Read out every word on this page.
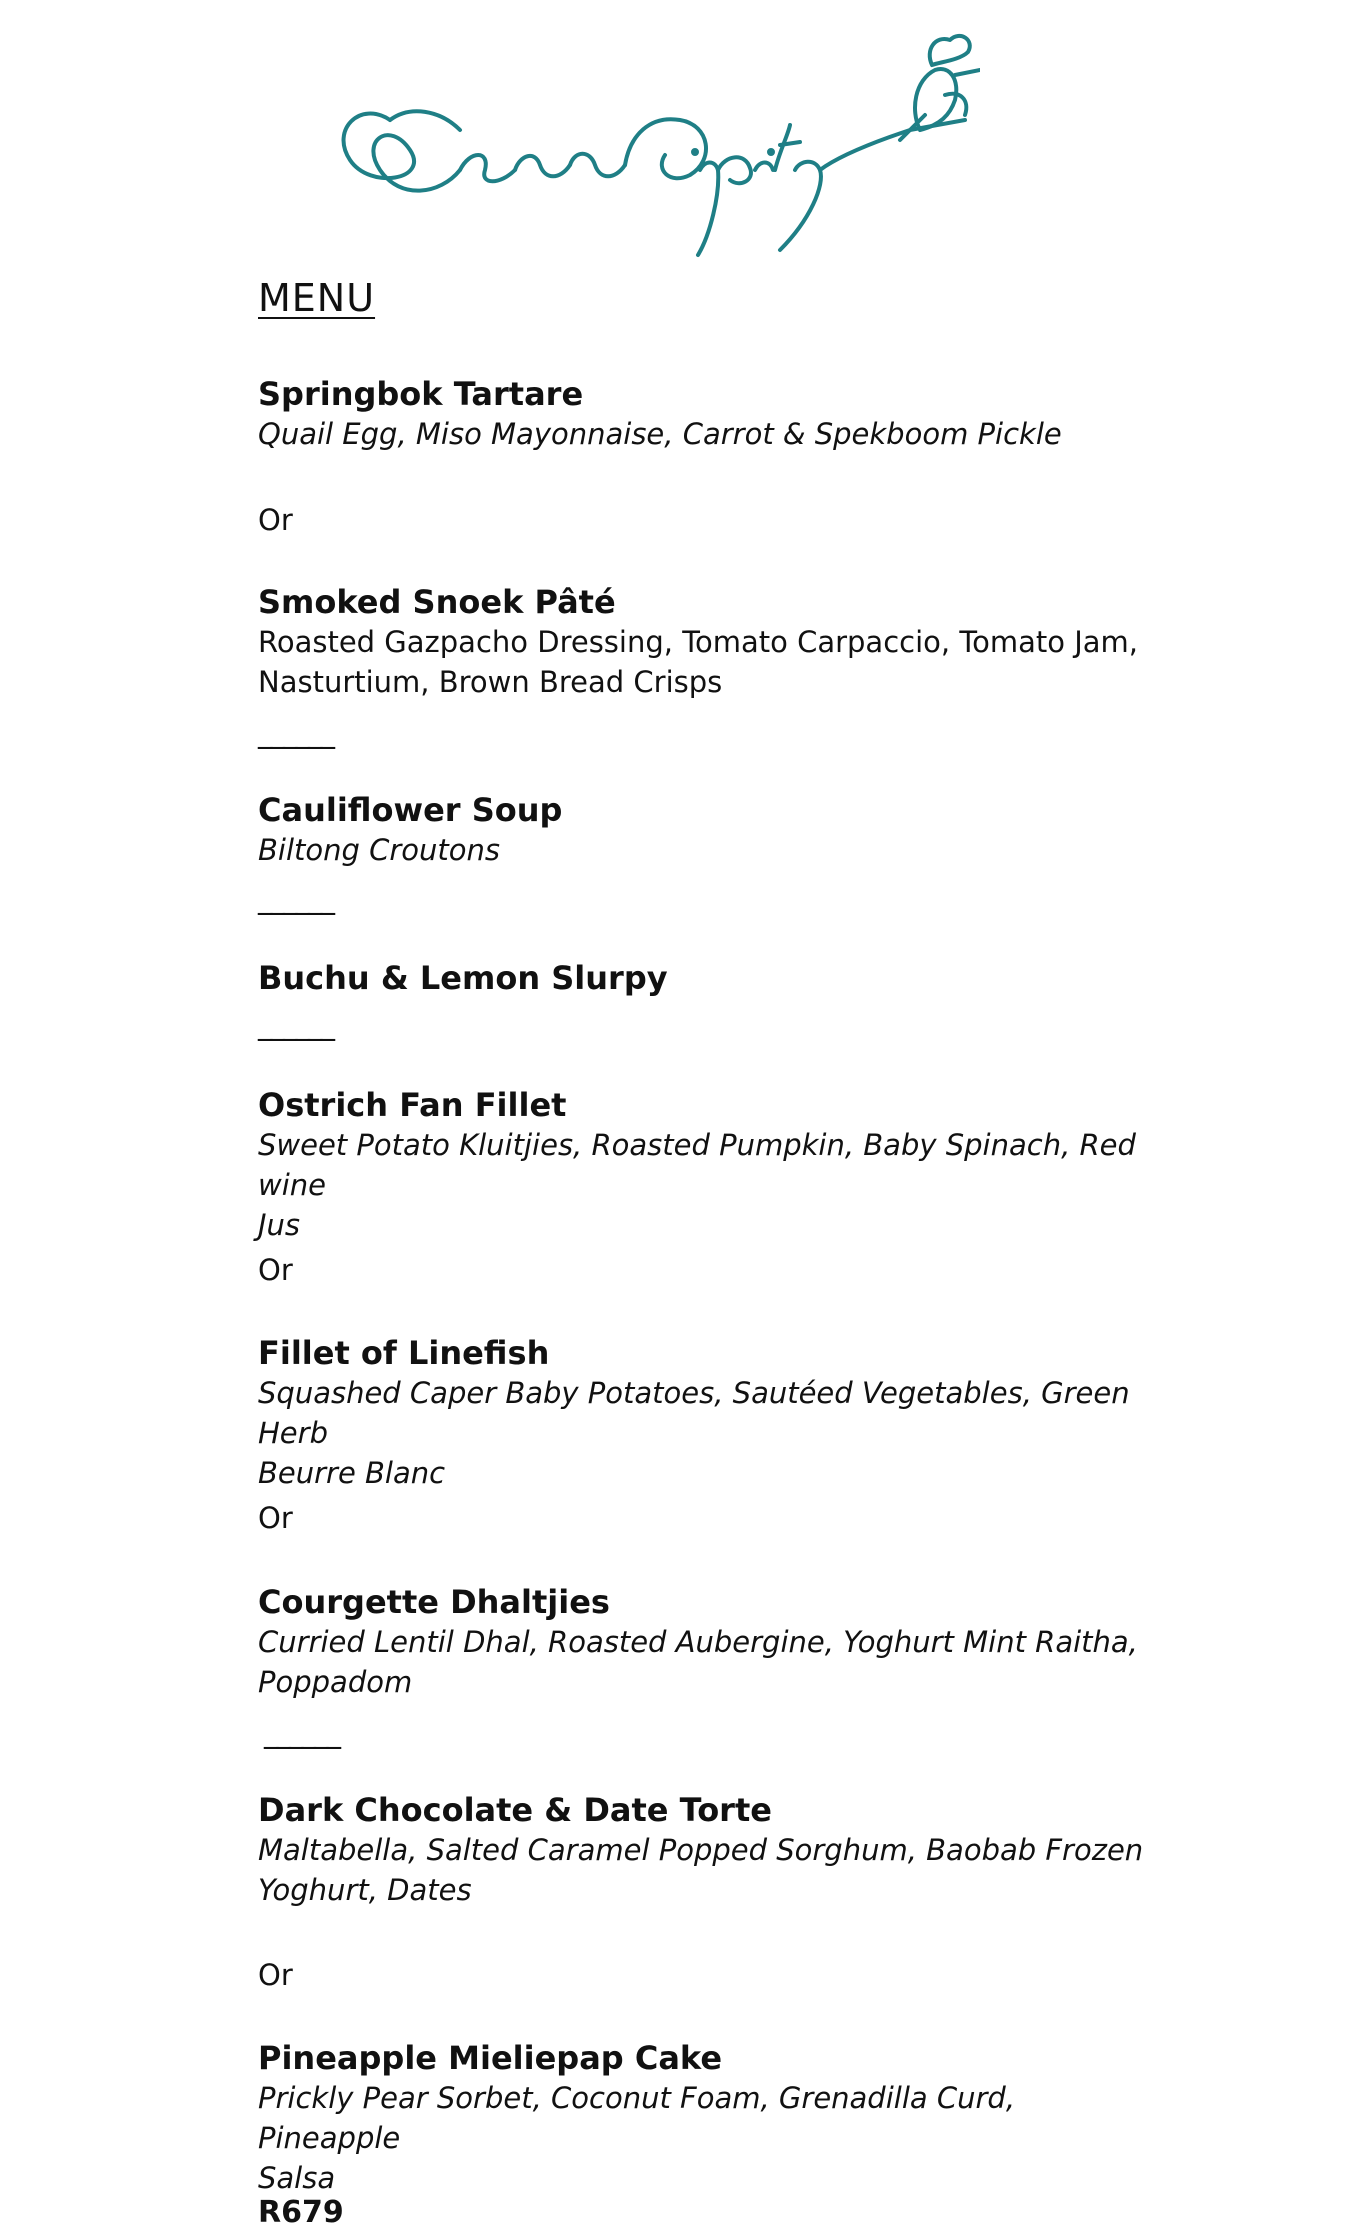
MENU
Springbok Tartare
Quail Egg, Miso Mayonnaise, Carrot & Spekboom Pickle
Or
Smoked Snoek Pâté
Roasted Gazpacho Dressing, Tomato Carpaccio, Tomato Jam,
Nasturtium, Brown Bread Crisps
______
Cauliflower Soup
Biltong Croutons
______
Buchu & Lemon Slurpy
______
Ostrich Fan Fillet
Sweet Potato Kluitjies, Roasted Pumpkin, Baby Spinach, Red wine
Jus
Or
Fillet of Linefish
Squashed Caper Baby Potatoes, Sautéed Vegetables, Green Herb
Beurre Blanc
Or
Courgette Dhaltjies
Curried Lentil Dhal, Roasted Aubergine, Yoghurt Mint Raitha,
Poppadom
______
Dark Chocolate & Date Torte
Maltabella, Salted Caramel Popped Sorghum, Baobab Frozen
Yoghurt, Dates
Or
Pineapple Mieliepap Cake
Prickly Pear Sorbet, Coconut Foam, Grenadilla Curd, Pineapple
Salsa
R679
